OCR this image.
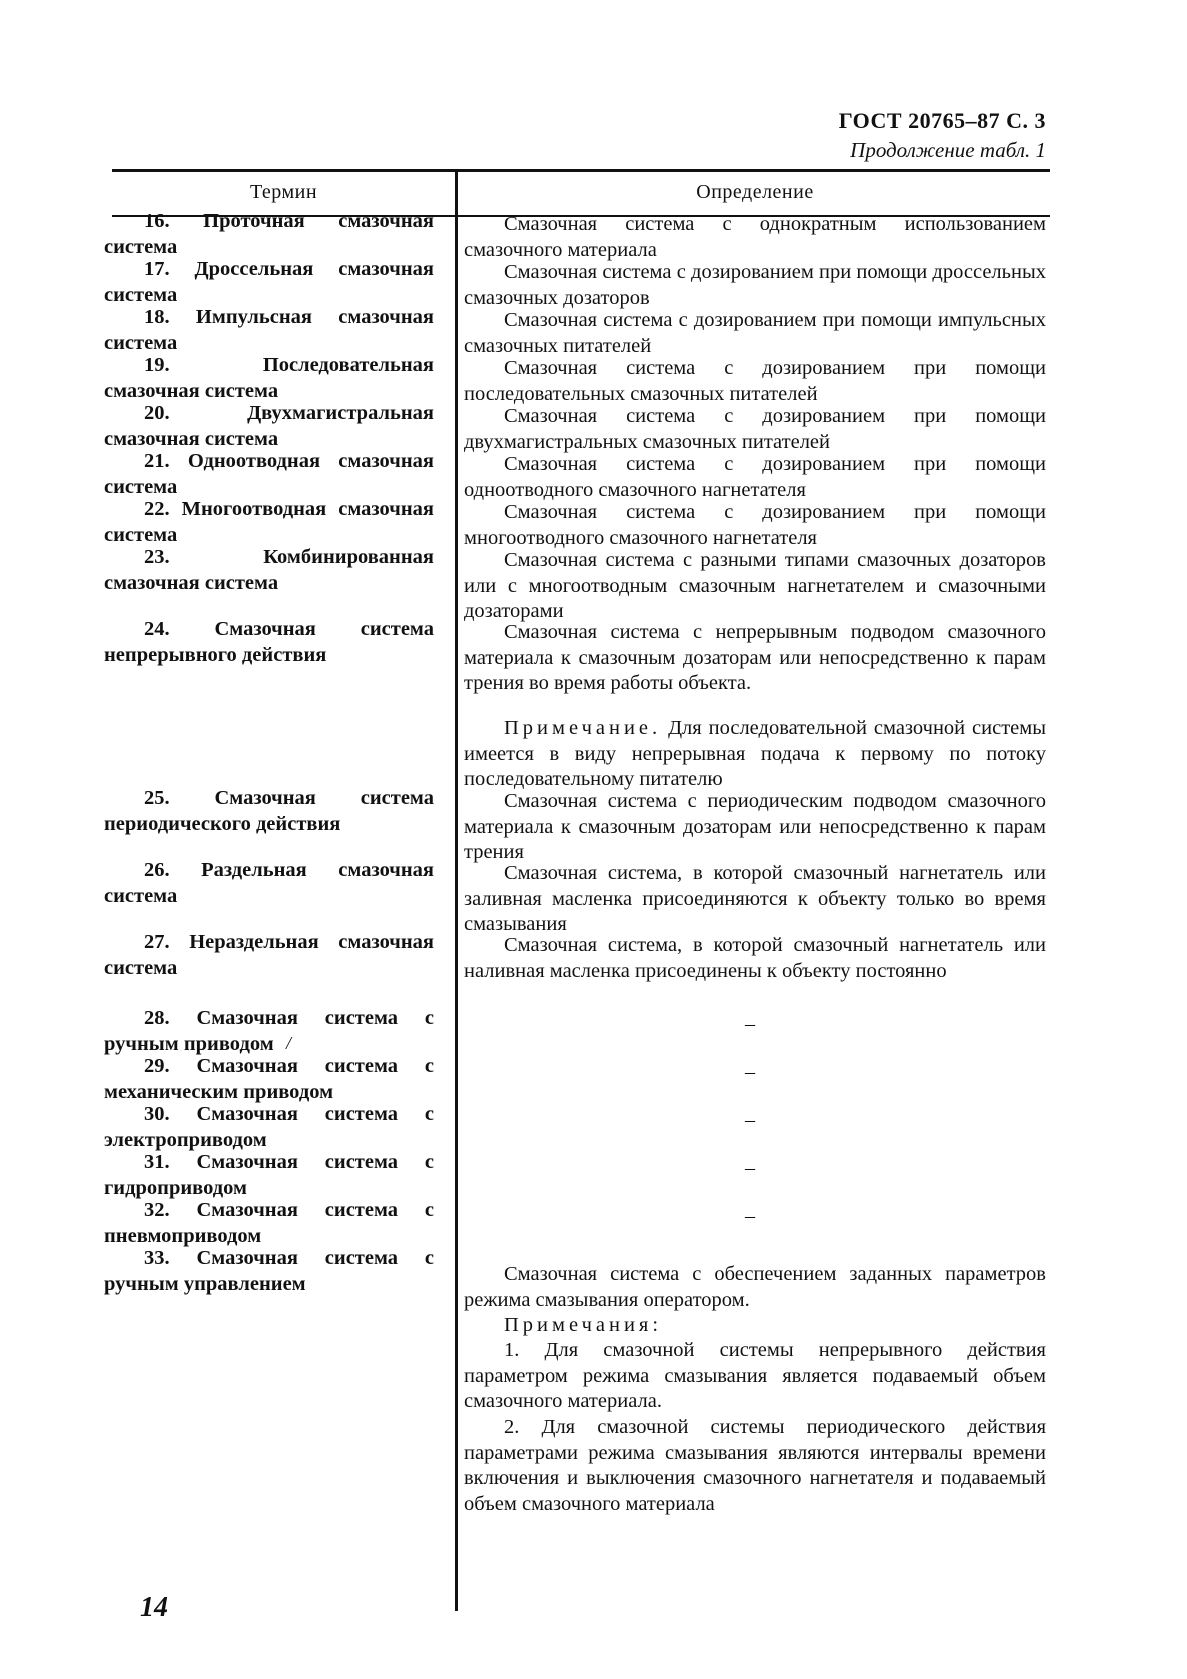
ГОСТ 20765–87 С. 3
Продолжение табл. 1
Термин	Определение
16. Проточная смазочная система
17. Дроссельная смазочная система
18. Импульсная смазочная система
19. Последовательная смазочная система
20. Двухмагистральная смазочная система
21. Одноотводная смазочная система
22. Многоотводная смазочная система
23. Комбинированная смазочная система
24. Смазочная система непрерывного действия
25. Смазочная система периодического действия
26. Раздельная смазочная система
27. Нераздельная смазочная система
28. Смазочная система с ручным приводом
29. Смазочная система с механическим приводом
30. Смазочная система с электроприводом
31. Смазочная система с гидроприводом
32. Смазочная система с пневмоприводом
33. Смазочная система с ручным управлением
Смазочная система с однократным использованием смазочного материала
Смазочная система с дозированием при помощи дроссельных смазочных дозаторов
Смазочная система с дозированием при помощи импульсных смазочных питателей
Смазочная система с дозированием при помощи последовательных смазочных питателей
Смазочная система с дозированием при помощи двухмагистральных смазочных питателей
Смазочная система с дозированием при помощи одноотводного смазочного нагнетателя
Смазочная система с дозированием при помощи многоотводного смазочного нагнетателя
Смазочная система с разными типами смазочных дозаторов или с многоотводным смазочным нагнетателем и смазочными дозаторами
Смазочная система с непрерывным подводом смазочного материала к смазочным дозаторам или непосредственно к парам трения во время работы объекта.
Примечание. Для последовательной смазочной системы имеется в виду непрерывная подача к первому по потоку последовательному питателю
Смазочная система с периодическим подводом смазочного материала к смазочным дозаторам или непосредственно к парам трения
Смазочная система, в которой смазочный нагнетатель или заливная масленка присоединяются к объекту только во время смазывания
Смазочная система, в которой смазочный нагнетатель или наливная масленка присоединены к объекту постоянно
–
–
–
–
–
Смазочная система с обеспечением заданных параметров режима смазывания оператором.
Примечания:
1. Для смазочной системы непрерывного действия параметром режима смазывания является подаваемый объем смазочного материала.
2. Для смазочной системы периодического действия параметрами режима смазывания являются интервалы времени включения и выключения смазочного нагнетателя и подаваемый объем смазочного материала
/
14
